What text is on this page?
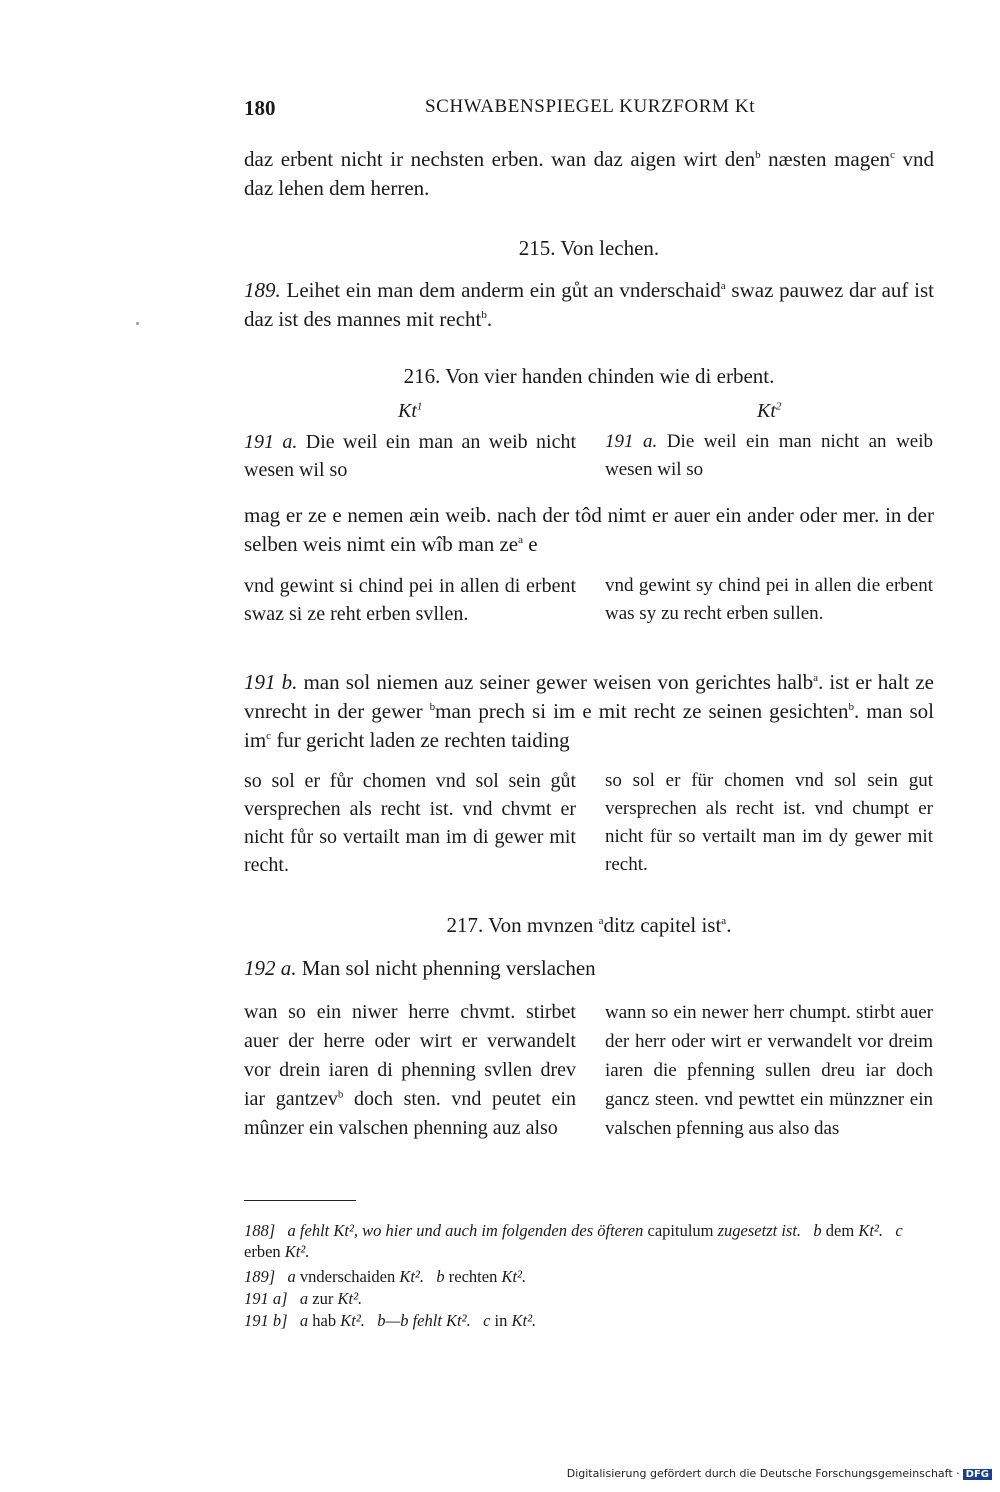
180	SCHWABENSPIEGEL KURZFORM Kt
daz erbent nicht ir nechsten erben. wan daz aigen wirt den$^b$ næsten magen$^c$ vnd daz lehen dem herren.
215. Von lechen.
189. Leihet ein man dem anderm ein gůt an vnderschaid$^a$ swaz pauwez dar auf ist daz ist des mannes mit recht$^b$.
216. Von vier handen chinden wie di erbent.
Kt$^1$	Kt$^2$
191 a. Die weil ein man an weib nicht wesen wil so
191 a. Die weil ein man nicht an weib wesen wil so
mag er ze e nemen æin weib. nach der tôd nimt er auer ein ander oder mer. in der selben weis nimt ein wîb man $ze^a$ e
vnd gewint si chind pei in allen di erbent swaz si ze reht erben svllen.
vnd gewint sy chind pei in allen die erbent was sy zu recht erben sullen.
191 b. man sol niemen auz seiner gewer weisen von gerichtes halb$^a$. ist er halt ze vnrecht in der gewer $^b$man prech si im e mit recht ze seinen gesichten$^b$. man sol $im^c$ fur gericht laden ze rechten taiding
so sol er fůr chomen vnd sol sein gůt versprechen als recht ist. vnd chvmt er nicht fůr so vertailt man im di gewer mit recht.
so sol er für chomen vnd sol sein gut versprechen als recht ist. vnd chumpt er nicht für so vertailt man im dy gewer mit recht.
217. Von mvnzen $^a$ditz capitel ist$^a$.
192 a. Man sol nicht phenning verslachen
wan so ein niwer herre chvmt. stirbet auer der herre oder wirt er verwandelt vor drein iaren di phenning svllen drev iar gantzev$^b$ doch sten. vnd peutet ein mûnzer ein valschen phenning auz also
wann so ein newer herr chumpt. stirbt auer der herr oder wirt er verwandelt vor dreim iaren die pfenning sullen dreu iar doch gancz steen. vnd pewttet ein münzzner ein valschen pfenning aus also das
188] a fehlt Kt², wo hier und auch im folgenden des öfteren capitulum zugesetzt ist. b dem Kt². c erben Kt².
189] a vnderschaiden Kt². b rechten Kt².
191 a] a zur Kt².
191 b] a hab Kt². b—b fehlt Kt². c in Kt².
Digitalisierung gefördert durch die Deutsche Forschungsgemeinschaft · DFG
